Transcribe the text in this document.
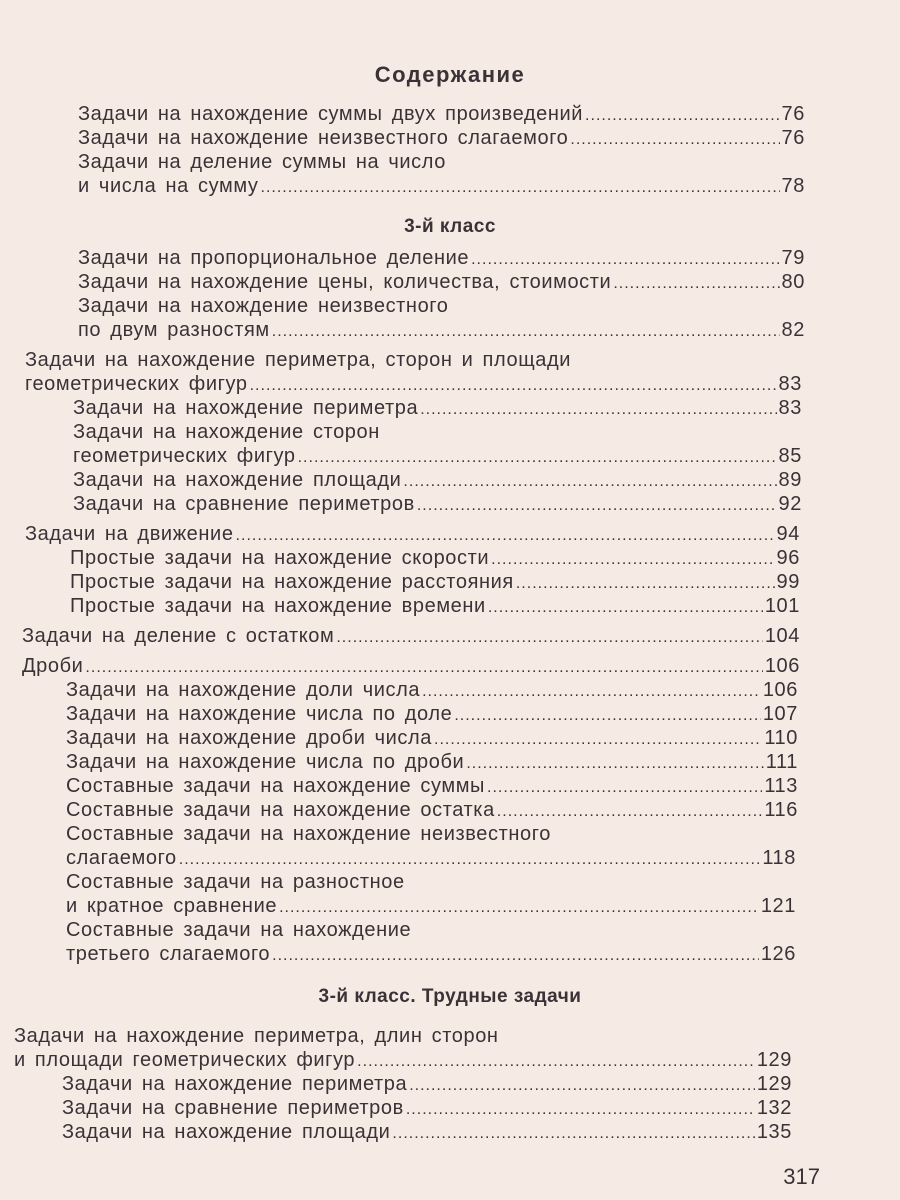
Содержание
Задачи на нахождение суммы двух произведений .....	76
Задачи на нахождение неизвестного слагаемого .....	76
Задачи на деление суммы на число
и числа на сумму .....	78
3-й класс
Задачи на пропорциональное деление .....	79
Задачи на нахождение цены, количества, стоимости .....	80
Задачи на нахождение неизвестного
по двум разностям .....	82
Задачи на нахождение периметра, сторон и площади
геометрических фигур .....	83
Задачи на нахождение периметра .....	83
Задачи на нахождение сторон
геометрических фигур .....	85
Задачи на нахождение площади .....	89
Задачи на сравнение периметров .....	92
Задачи на движение .....	94
Простые задачи на нахождение скорости .....	96
Простые задачи на нахождение расстояния .....	99
Простые задачи на нахождение времени .....	101
Задачи на деление с остатком .....	104
Дроби .....	106
Задачи на нахождение доли числа .....	106
Задачи на нахождение числа по доле .....	107
Задачи на нахождение дроби числа .....	110
Задачи на нахождение числа по дроби .....	111
Составные задачи на нахождение суммы .....	113
Составные задачи на нахождение остатка .....	116
Составные задачи на нахождение неизвестного
слагаемого .....	118
Составные задачи на разностное
и кратное сравнение .....	121
Составные задачи на нахождение
третьего слагаемого .....	126
3-й класс. Трудные задачи
Задачи на нахождение периметра, длин сторон
и площади геометрических фигур .....	129
Задачи на нахождение периметра .....	129
Задачи на сравнение периметров .....	132
Задачи на нахождение площади .....	135
317
